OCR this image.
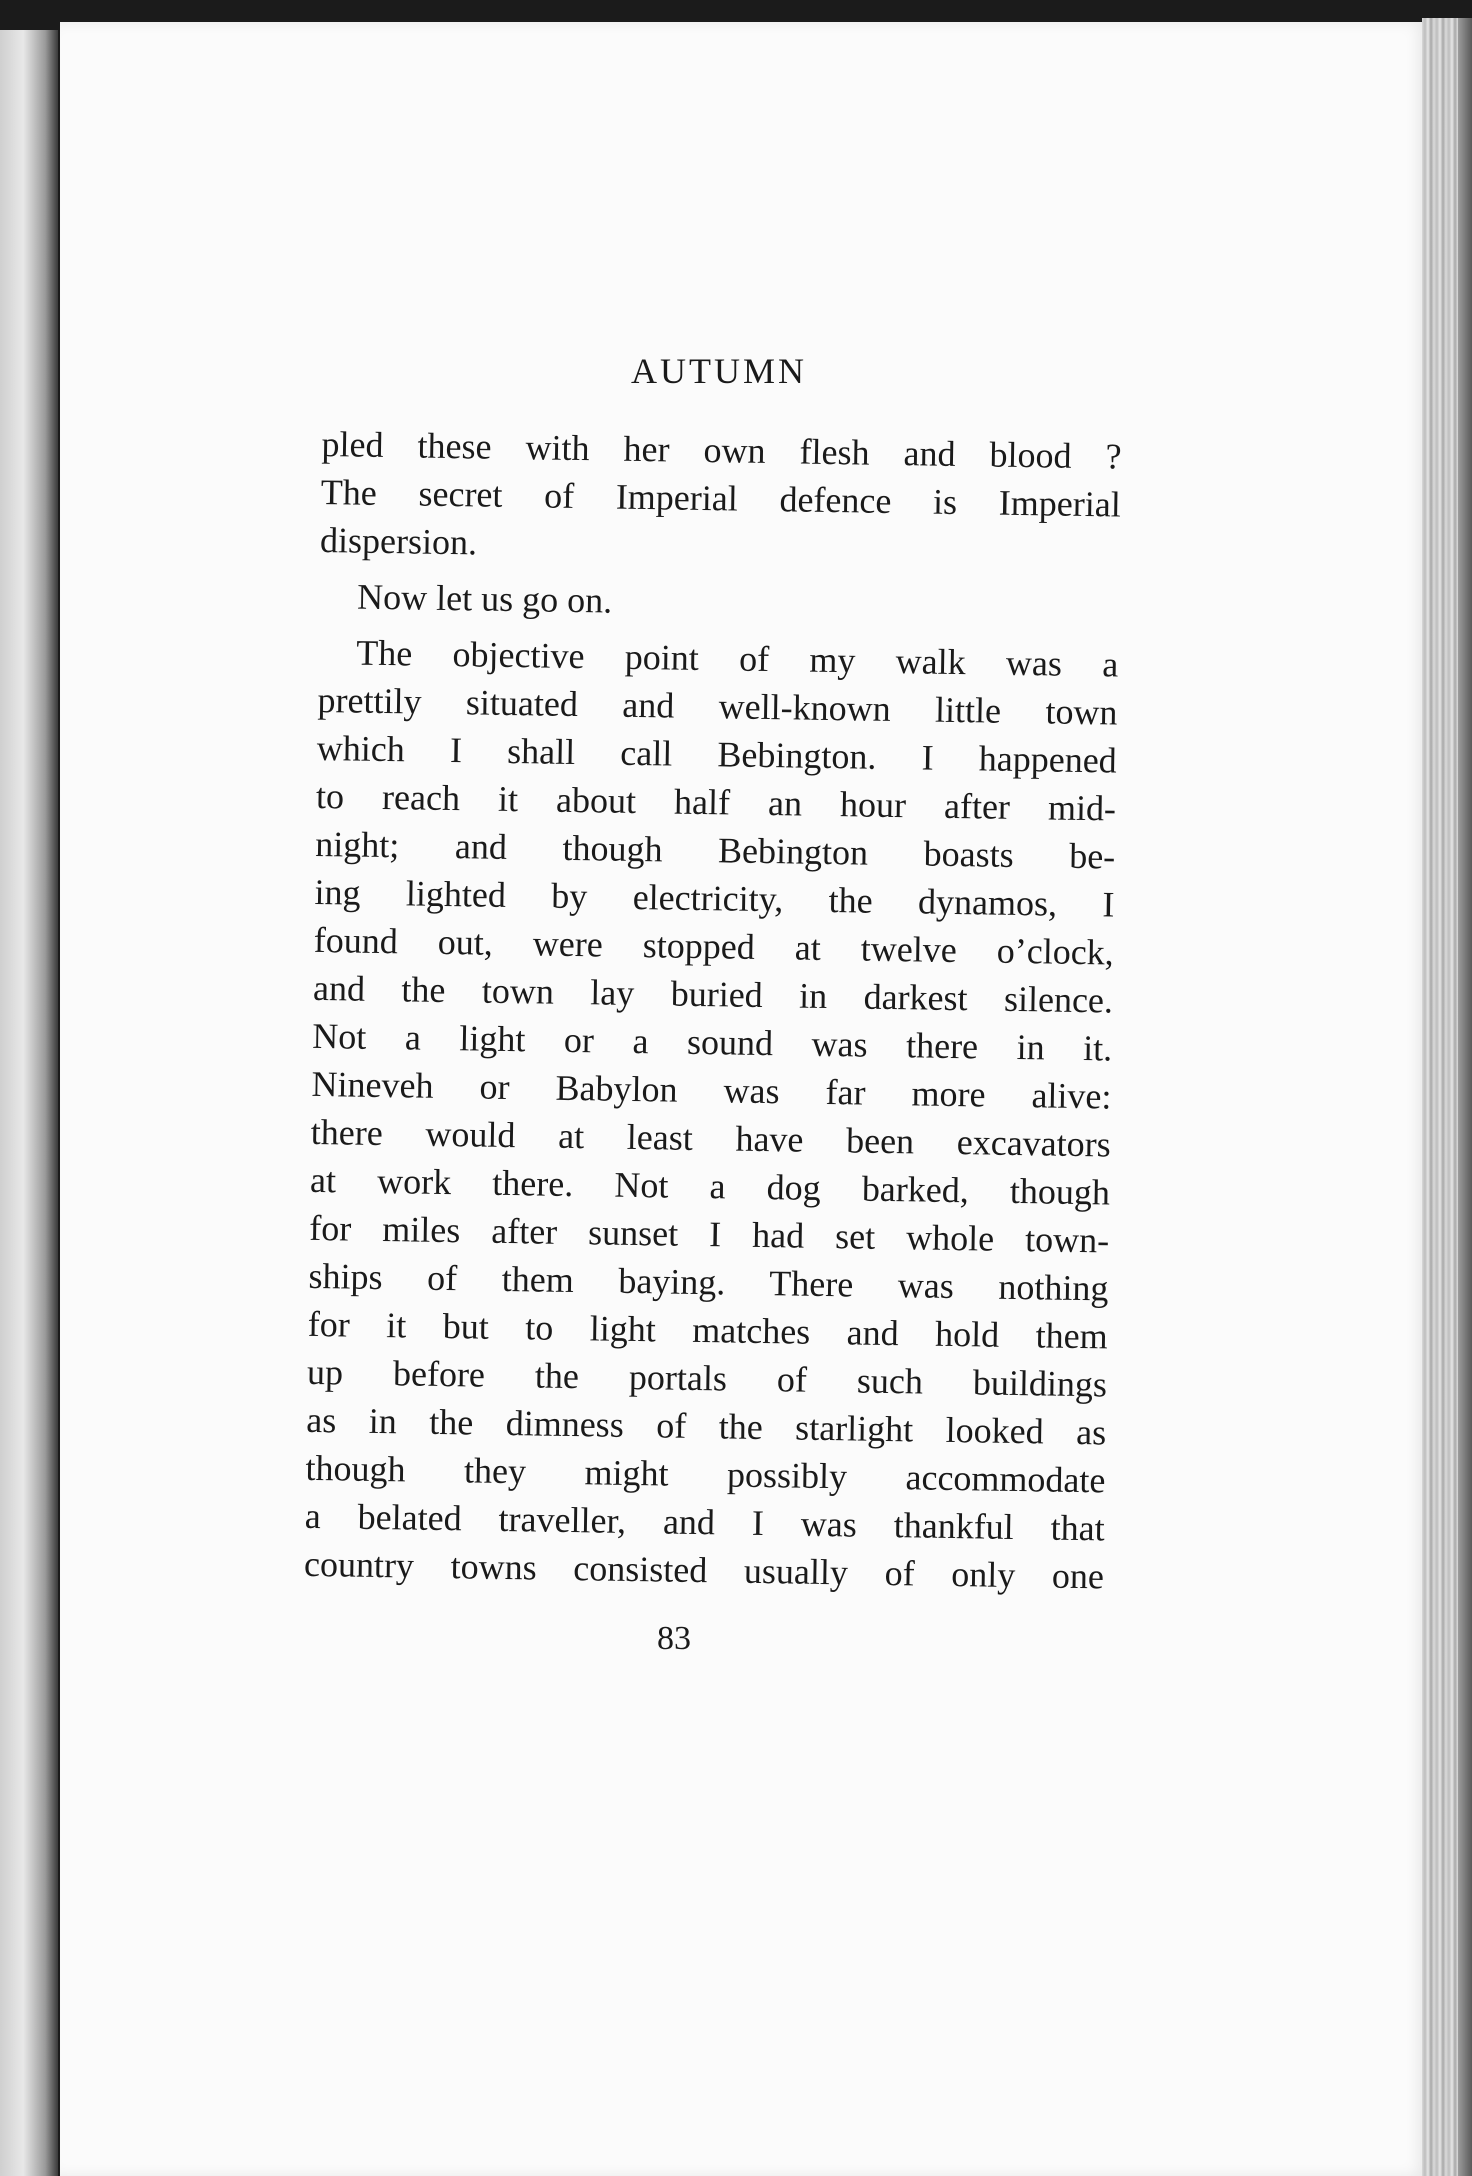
AUTUMN
pled these with her own flesh and blood ?
The secret of Imperial defence is Imperial
dispersion.
Now let us go on.
The objective point of my walk was a
prettily situated and well-known little town
which I shall call Bebington. I happened
to reach it about half an hour after mid-
night; and though Bebington boasts be-
ing lighted by electricity, the dynamos, I
found out, were stopped at twelve o’clock,
and the town lay buried in darkest silence.
Not a light or a sound was there in it.
Nineveh or Babylon was far more alive:
there would at least have been excavators
at work there. Not a dog barked, though
for miles after sunset I had set whole town-
ships of them baying. There was nothing
for it but to light matches and hold them
up before the portals of such buildings
as in the dimness of the starlight looked as
though they might possibly accommodate
a belated traveller, and I was thankful that
country towns consisted usually of only one
83
